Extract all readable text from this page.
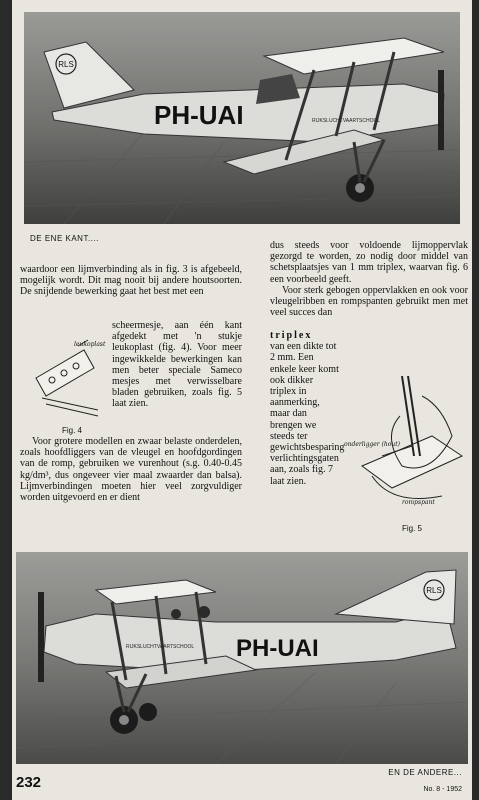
RLS
PH-UAI	RIJKSLUCHTVAARTSCHOOL
DE ENE KANT....

dus steeds voor voldoende lijmoppervlak gezorgd te worden, zo nodig door middel van schetsplaatsjes van 1 mm triplex, waarvan fig. 6 een voorbeeld geeft.

Voor sterk gebogen oppervlakken en ook voor vleugelribben en rompspanten gebruikt men met veel succes dan

triplex
van een dikte tot 2 mm. Een enkele keer komt ook dikker triplex in aanmerking, maar dan brengen we steeds ter gewichtsbesparing verlichtingsgaten aan, zoals fig. 7 laat zien.

waardoor een lijmverbinding als in fig. 3 is afgebeeld, mogelijk wordt. Dit mag nooit bij andere houtsoorten. De snijdende bewerking gaat het best met een

scheermesje, aan één kant afgedekt met 'n stukje leukoplast (fig. 4). Voor meer ingewikkelde bewerkingen kan men beter speciale Sameco mesjes met verwisselbare bladen gebruiken, zoals fig. 5 laat zien.

Voor grotere modellen en zwaar belaste onderdelen, zoals hoofdliggers van de vleugel en hoofdgordingen van de romp, gebruiken we vurenhout (s.g. 0.40-0.45 kg/dm³, dus ongeveer vier maal zwaarder dan balsa). Lijmverbindingen moeten hier veel zorgvuldiger worden uitgevoerd en er dient

leukoplast
Fig. 4
onderligger (hout)
rompspant
Fig. 5
RLS
PH-UAI
RIJKSLUCHTVAARTSCHOOL
232
EN DE ANDERE...
No. 8 - 1952
